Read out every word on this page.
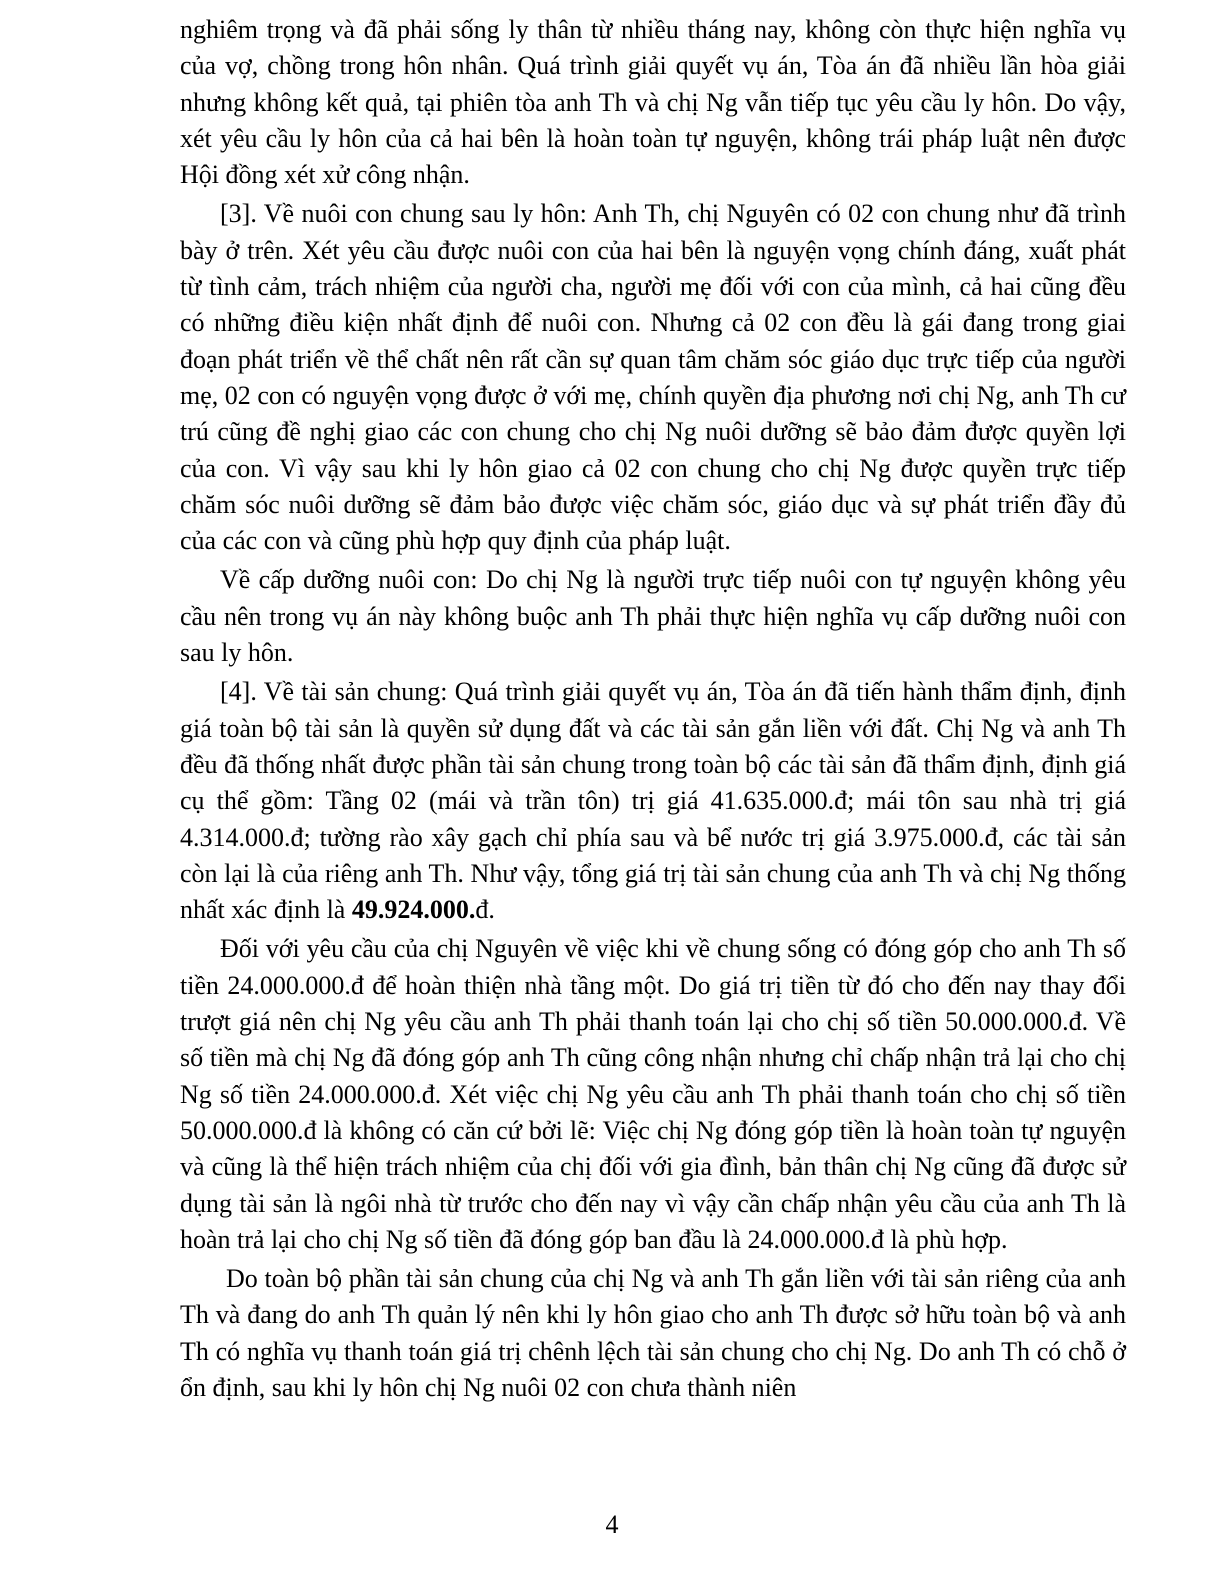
nghiêm trọng và đã phải sống ly thân từ nhiều tháng nay, không còn thực hiện nghĩa vụ của vợ, chồng trong hôn nhân. Quá trình giải quyết vụ án, Tòa án đã nhiều lần hòa giải nhưng không kết quả, tại phiên tòa anh Th và chị Ng vẫn tiếp tục yêu cầu ly hôn. Do vậy, xét yêu cầu ly hôn của cả hai bên là hoàn toàn tự nguyện, không trái pháp luật nên được Hội đồng xét xử công nhận.

[3]. Về nuôi con chung sau ly hôn: Anh Th, chị Nguyên có 02 con chung như đã trình bày ở trên. Xét yêu cầu được nuôi con của hai bên là nguyện vọng chính đáng, xuất phát từ tình cảm, trách nhiệm của người cha, người mẹ đối với con của mình, cả hai cũng đều có những điều kiện nhất định để nuôi con. Nhưng cả 02 con đều là gái đang trong giai đoạn phát triển về thể chất nên rất cần sự quan tâm chăm sóc giáo dục trực tiếp của người mẹ, 02 con có nguyện vọng được ở với mẹ, chính quyền địa phương nơi chị Ng, anh Th cư trú cũng đề nghị giao các con chung cho chị Ng nuôi dưỡng sẽ bảo đảm được quyền lợi của con. Vì vậy sau khi ly hôn giao cả 02 con chung cho chị Ng được quyền trực tiếp chăm sóc nuôi dưỡng sẽ đảm bảo được việc chăm sóc, giáo dục và sự phát triển đầy đủ của các con và cũng phù hợp quy định của pháp luật.

Về cấp dưỡng nuôi con: Do chị Ng là người trực tiếp nuôi con tự nguyện không yêu cầu nên trong vụ án này không buộc anh Th phải thực hiện nghĩa vụ cấp dưỡng nuôi con sau ly hôn.

[4]. Về tài sản chung: Quá trình giải quyết vụ án, Tòa án đã tiến hành thẩm định, định giá toàn bộ tài sản là quyền sử dụng đất và các tài sản gắn liền với đất. Chị Ng và anh Th đều đã thống nhất được phần tài sản chung trong toàn bộ các tài sản đã thẩm định, định giá cụ thể gồm: Tầng 02 (mái và trần tôn) trị giá 41.635.000.đ; mái tôn sau nhà trị giá 4.314.000.đ; tường rào xây gạch chỉ phía sau và bể nước trị giá 3.975.000.đ, các tài sản còn lại là của riêng anh Th. Như vậy, tổng giá trị tài sản chung của anh Th và chị Ng thống nhất xác định là 49.924.000.đ.

Đối với yêu cầu của chị Nguyên về việc khi về chung sống có đóng góp cho anh Th số tiền 24.000.000.đ để hoàn thiện nhà tầng một. Do giá trị tiền từ đó cho đến nay thay đổi trượt giá nên chị Ng yêu cầu anh Th phải thanh toán lại cho chị số tiền 50.000.000.đ. Về số tiền mà chị Ng đã đóng góp anh Th cũng công nhận nhưng chỉ chấp nhận trả lại cho chị Ng số tiền 24.000.000.đ. Xét việc chị Ng yêu cầu anh Th phải thanh toán cho chị số tiền 50.000.000.đ là không có căn cứ bởi lẽ: Việc chị Ng đóng góp tiền là hoàn toàn tự nguyện và cũng là thể hiện trách nhiệm của chị đối với gia đình, bản thân chị Ng cũng đã được sử dụng tài sản là ngôi nhà từ trước cho đến nay vì vậy cần chấp nhận yêu cầu của anh Th là hoàn trả lại cho chị Ng số tiền đã đóng góp ban đầu là 24.000.000.đ là phù hợp.

Do toàn bộ phần tài sản chung của chị Ng và anh Th gắn liền với tài sản riêng của anh Th và đang do anh Th quản lý nên khi ly hôn giao cho anh Th được sở hữu toàn bộ và anh Th có nghĩa vụ thanh toán giá trị chênh lệch tài sản chung cho chị Ng. Do anh Th có chỗ ở ổn định, sau khi ly hôn chị Ng nuôi 02 con chưa thành niên

4
